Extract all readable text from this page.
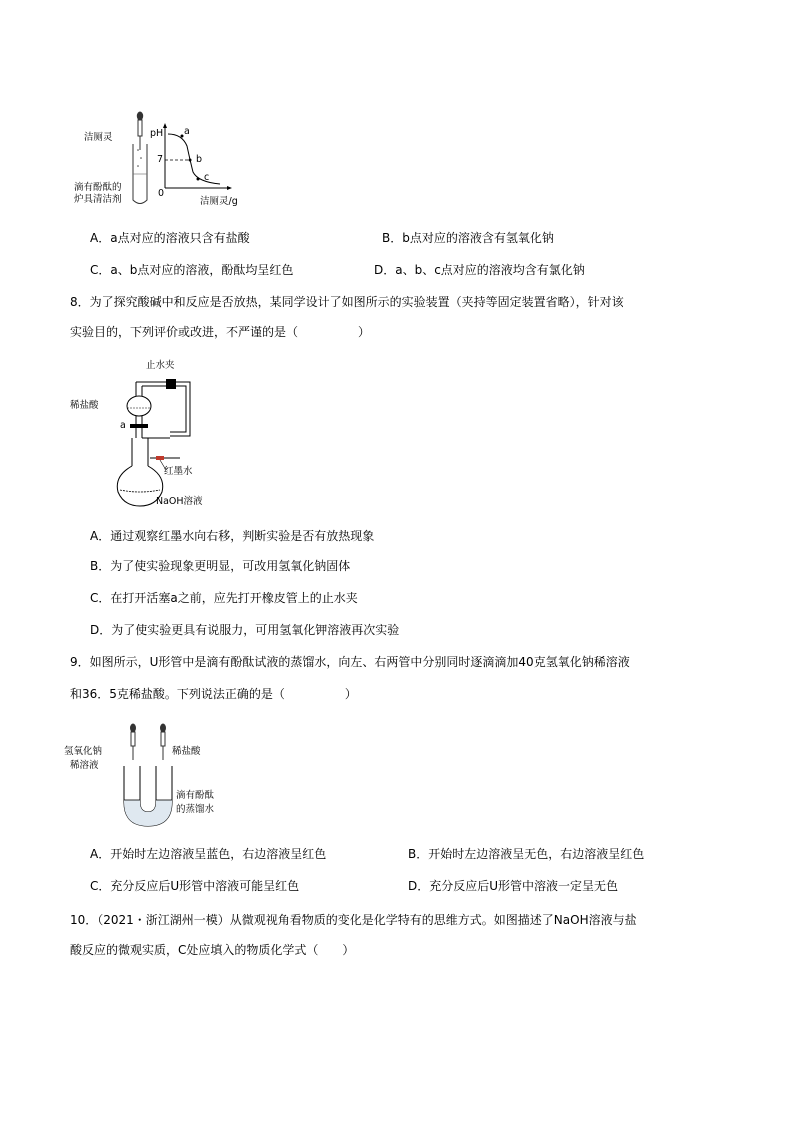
洁厕灵
滴有酚酞的
炉具清洁剂
pH
7
0
洁厕灵/g
a
b
c
A．a点对应的溶液只含有盐酸	B．b点对应的溶液含有氢氧化钠
C．a、b点对应的溶液，酚酞均呈红色	D．a、b、c点对应的溶液均含有氯化钠
8．为了探究酸碱中和反应是否放热，某同学设计了如图所示的实验装置（夹持等固定装置省略），针对该
实验目的，下列评价或改进，不严谨的是（　　　　　）
止水夹
稀盐酸
a
红墨水
NaOH溶液
A．通过观察红墨水向右移，判断实验是否有放热现象
B．为了使实验现象更明显，可改用氢氧化钠固体
C．在打开活塞a之前，应先打开橡皮管上的止水夹
D．为了使实验更具有说服力，可用氢氧化钾溶液再次实验
9．如图所示，U形管中是滴有酚酞试液的蒸馏水，向左、右两管中分别同时逐滴滴加40克氢氧化钠稀溶液
和36．5克稀盐酸。下列说法正确的是（　　　　　）
氢氧化钠
稀溶液
稀盐酸
滴有酚酞
的蒸馏水
A．开始时左边溶液呈蓝色，右边溶液呈红色	B．开始时左边溶液呈无色，右边溶液呈红色
C．充分反应后U形管中溶液可能呈红色	D．充分反应后U形管中溶液一定呈无色
10．（2021・浙江湖州一模）从微观视角看物质的变化是化学特有的思维方式。如图描述了NaOH溶液与盐
酸反应的微观实质，C处应填入的物质化学式（　　）
